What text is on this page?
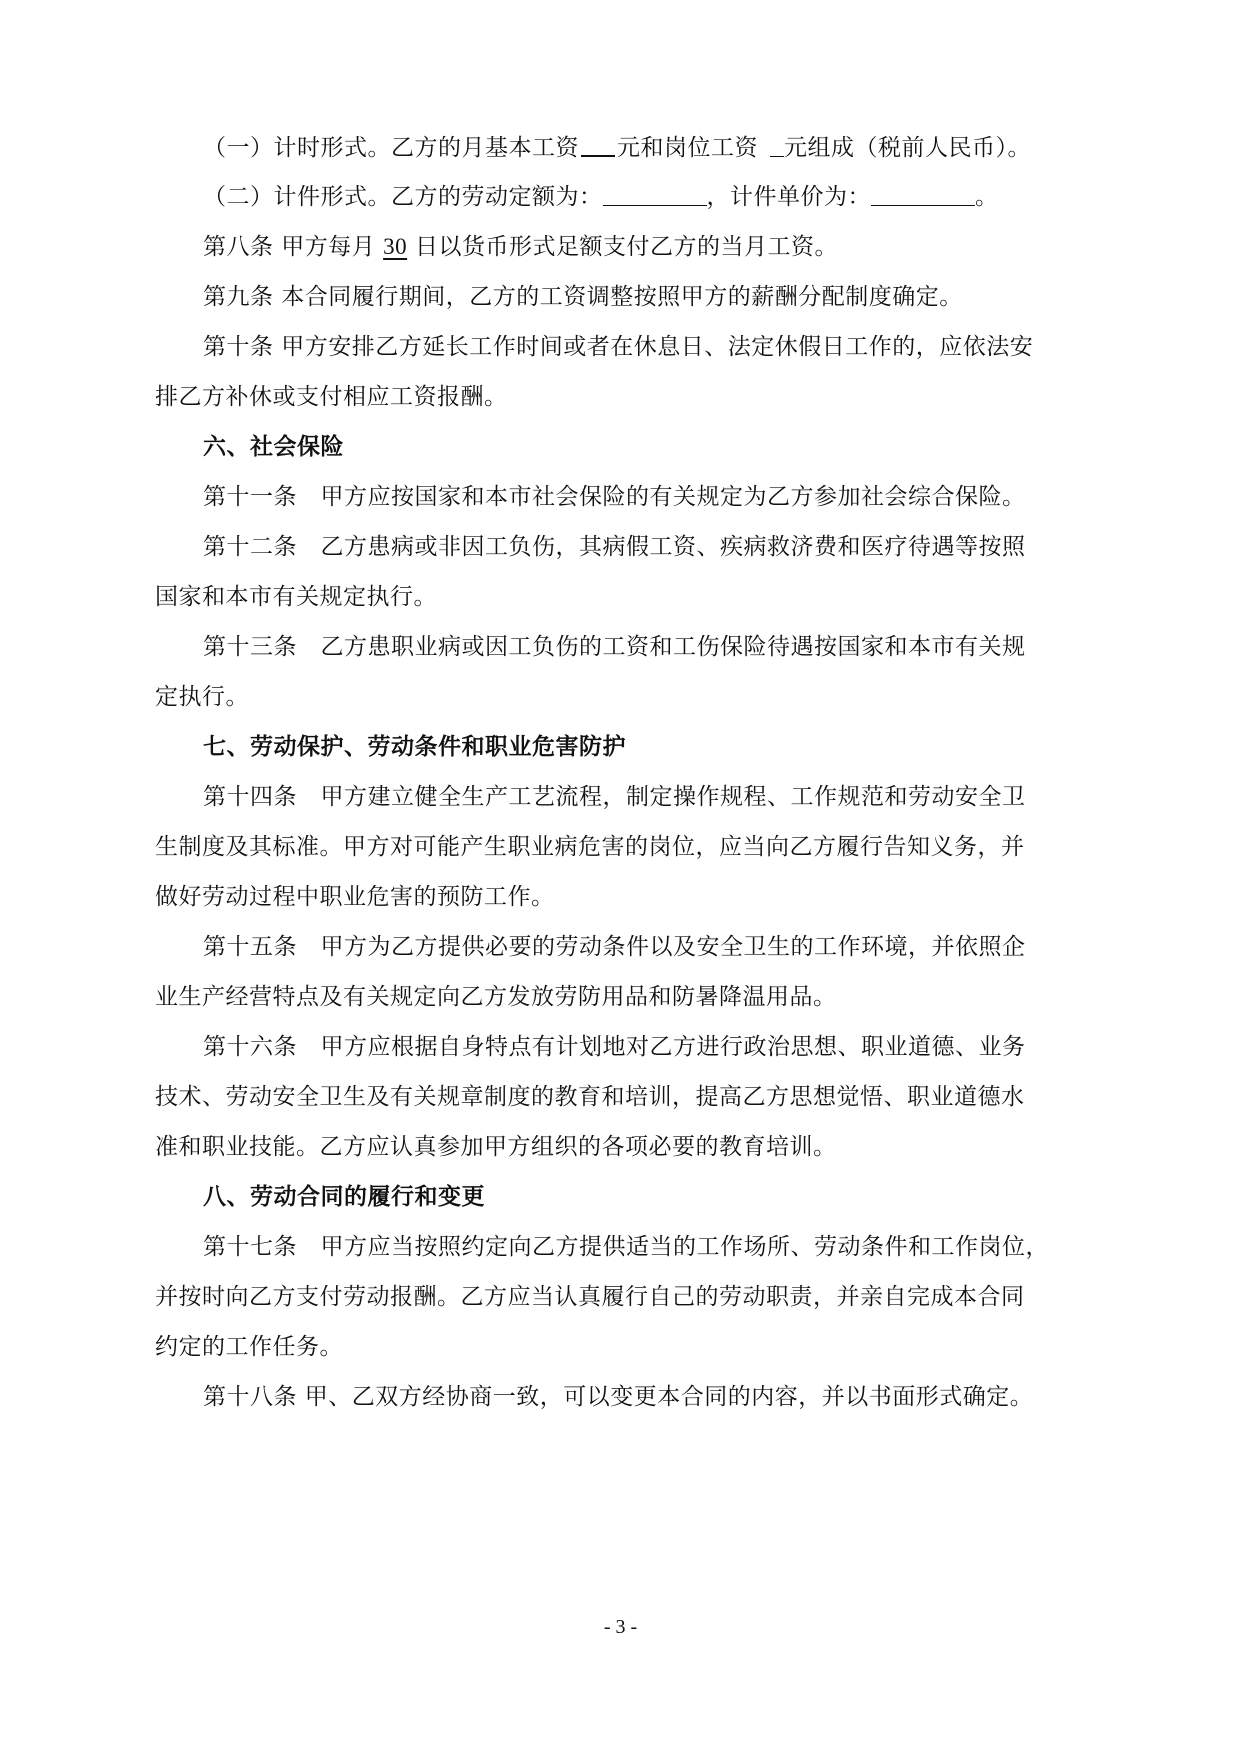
（一）计时形式。乙方的月基本工资 元和岗位工资 元组成（税前人民币）。
（二）计件形式。乙方的劳动定额为：	，计件单价为：	。
第八条 甲方每月 30 日以货币形式足额支付乙方的当月工资。
第九条 本合同履行期间，乙方的工资调整按照甲方的薪酬分配制度确定。
第十条 甲方安排乙方延长工作时间或者在休息日、法定休假日工作的，应依法安
排乙方补休或支付相应工资报酬。
六、社会保险
第十一条　甲方应按国家和本市社会保险的有关规定为乙方参加社会综合保险。
第十二条　乙方患病或非因工负伤，其病假工资、疾病救济费和医疗待遇等按照
国家和本市有关规定执行。
第十三条　乙方患职业病或因工负伤的工资和工伤保险待遇按国家和本市有关规
定执行。
七、劳动保护、劳动条件和职业危害防护
第十四条　甲方建立健全生产工艺流程，制定操作规程、工作规范和劳动安全卫
生制度及其标准。甲方对可能产生职业病危害的岗位，应当向乙方履行告知义务，并
做好劳动过程中职业危害的预防工作。
第十五条　甲方为乙方提供必要的劳动条件以及安全卫生的工作环境，并依照企
业生产经营特点及有关规定向乙方发放劳防用品和防暑降温用品。
第十六条　甲方应根据自身特点有计划地对乙方进行政治思想、职业道德、业务
技术、劳动安全卫生及有关规章制度的教育和培训，提高乙方思想觉悟、职业道德水
准和职业技能。乙方应认真参加甲方组织的各项必要的教育培训。
八、劳动合同的履行和变更
第十七条　甲方应当按照约定向乙方提供适当的工作场所、劳动条件和工作岗位，
并按时向乙方支付劳动报酬。乙方应当认真履行自己的劳动职责，并亲自完成本合同
约定的工作任务。
第十八条 甲、乙双方经协商一致，可以变更本合同的内容，并以书面形式确定。
- 3 -
